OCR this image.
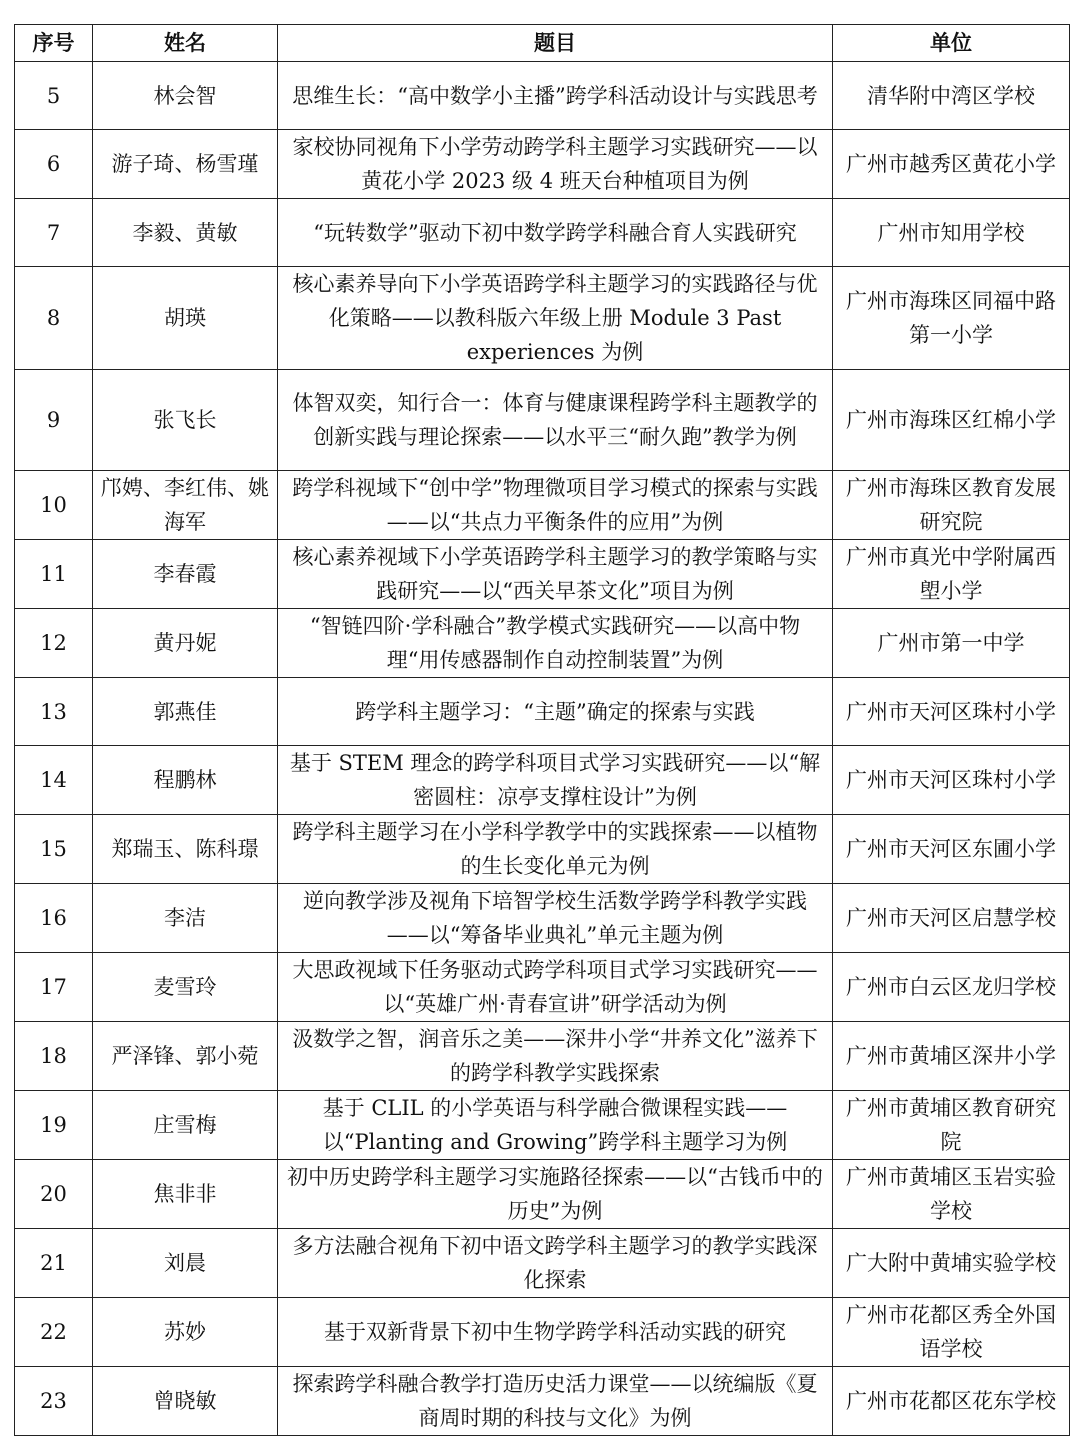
序号	姓名	题目	单位
5	林会智	思维生长：“高中数学小主播”跨学科活动设计与实践思考	清华附中湾区学校
6	游子琦、杨雪瑾	家校协同视角下小学劳动跨学科主题学习实践研究——以黄花小学 2023 级 4 班天台种植项目为例	广州市越秀区黄花小学
7	李毅、黄敏	“玩转数学”驱动下初中数学跨学科融合育人实践研究	广州市知用学校
8	胡瑛	核心素养导向下小学英语跨学科主题学习的实践路径与优化策略——以教科版六年级上册 Module 3 Past experiences 为例	广州市海珠区同福中路第一小学
9	张飞长	体智双奕，知行合一：体育与健康课程跨学科主题教学的创新实践与理论探索——以水平三“耐久跑”教学为例	广州市海珠区红棉小学
10	邝娉、李红伟、姚海军	跨学科视域下“创中学”物理微项目学习模式的探索与实践——以“共点力平衡条件的应用”为例	广州市海珠区教育发展研究院
11	李春霞	核心素养视域下小学英语跨学科主题学习的教学策略与实践研究——以“西关早茶文化”项目为例	广州市真光中学附属西塱小学
12	黄丹妮	“智链四阶·学科融合”教学模式实践研究——以高中物理“用传感器制作自动控制装置”为例	广州市第一中学
13	郭燕佳	跨学科主题学习：“主题”确定的探索与实践	广州市天河区珠村小学
14	程鹏林	基于 STEM 理念的跨学科项目式学习实践研究——以“解密圆柱：凉亭支撑柱设计”为例	广州市天河区珠村小学
15	郑瑞玉、陈科璟	跨学科主题学习在小学科学教学中的实践探索——以植物的生长变化单元为例	广州市天河区东圃小学
16	李洁	逆向教学涉及视角下培智学校生活数学跨学科教学实践——以“筹备毕业典礼”单元主题为例	广州市天河区启慧学校
17	麦雪玲	大思政视域下任务驱动式跨学科项目式学习实践研究——以“英雄广州·青春宣讲”研学活动为例	广州市白云区龙归学校
18	严泽锋、郭小菀	汲数学之智，润音乐之美——深井小学“井养文化”滋养下的跨学科教学实践探索	广州市黄埔区深井小学
19	庄雪梅	基于 CLIL 的小学英语与科学融合微课程实践——以“Planting and Growing”跨学科主题学习为例	广州市黄埔区教育研究院
20	焦非非	初中历史跨学科主题学习实施路径探索——以“古钱币中的历史”为例	广州市黄埔区玉岩实验学校
21	刘晨	多方法融合视角下初中语文跨学科主题学习的教学实践深化探索	广大附中黄埔实验学校
22	苏妙	基于双新背景下初中生物学跨学科活动实践的研究	广州市花都区秀全外国语学校
23	曾晓敏	探索跨学科融合教学打造历史活力课堂——以统编版《夏商周时期的科技与文化》为例	广州市花都区花东学校
